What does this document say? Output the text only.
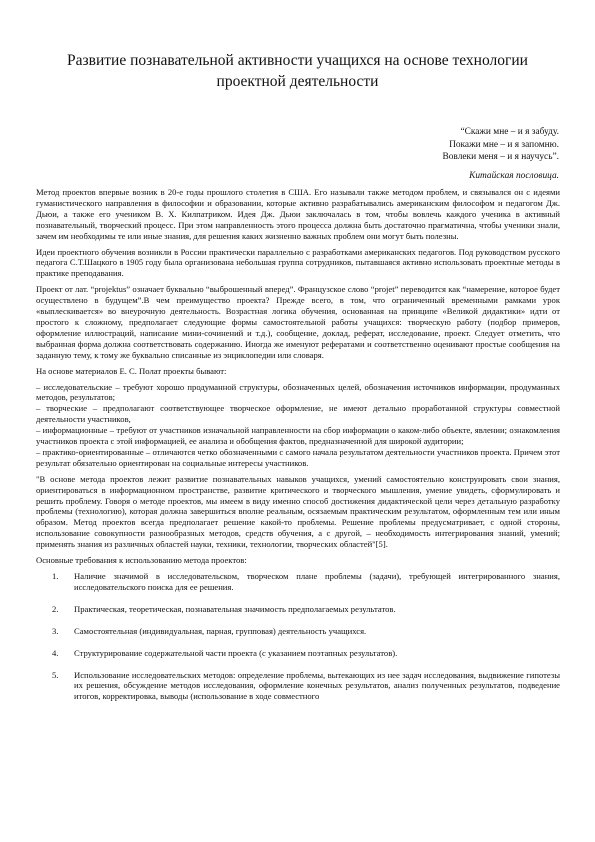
Развитие познавательной активности учащихся на основе технологии проектной деятельности
“Скажи мне – и я забуду.
Покажи мне – и я запомню.
Вовлеки меня – и я научусь”.
Китайская пословица.

Метод проектов впервые возник в 20-е годы прошлого столетия в США. Его называли также методом проблем, и связывался он с идеями гуманистического направления в философии и образовании, которые активно разрабатывались американским философом и педагогом Дж. Дьюи, а также его учеником В. Х. Килпатриком. Идея Дж. Дьюи заключалась в том, чтобы вовлечь каждого ученика в активный познавательный, творческий процесс. При этом направленность этого процесса должна быть достаточно прагматична, чтобы ученики знали, зачем им необходимы те или иные знания, для решения каких жизненно важных проблем они могут быть полезны.

Идеи проектного обучения возникли в России практически параллельно с разработками американских педагогов. Под руководством русского педагога С.Т.Шацкого в 1905 году была организована небольшая группа сотрудников, пытавшаяся активно использовать проектные методы в практике преподавания.

Проект от лат. “projektus” означает буквально “выброшенный вперед”. Французское слово “projet” переводится как “намерение, которое будет осуществлено в будущем”.В чем преимущество проекта? Прежде всего, в том, что ограниченный временными рамками урок «выплескивается» во внеурочную деятельность. Возрастная логика обучения, основанная на принципе «Великой дидактики» идти от простого к сложному, предполагает следующие формы самостоятельной работы учащихся: творческую работу (подбор примеров, оформление иллюстраций, написание мини-сочинений и т.д.), сообщение, доклад, реферат, исследование, проект. Следует отметить, что выбранная форма должна соответствовать содержанию. Иногда же именуют рефератами и соответственно оценивают простые сообщения на заданную тему, к тому же буквально списанные из энциклопедии или словаря.

На основе материалов Е. С. Полат проекты бывают:

– исследовательские – требуют хорошо продуманной структуры, обозначенных целей, обозначения источников информации, продуманных методов, результатов;

– творческие – предполагают соответствующее творческое оформление, не имеют детально проработанной структуры совместной деятельности участников,

– информационные – требуют от участников изначальной направленности на сбор информации о каком-либо объекте, явлении; ознакомления участников проекта с этой информацией, ее анализа и обобщения фактов, предназначенной для широкой аудитории;

– практико-ориентированные – отличаются четко обозначенными с самого начала результатом деятельности участников проекта. Причем этот результат обязательно ориентирован на социальные интересы участников.

"В основе метода проектов лежит развитие познавательных навыков учащихся, умений самостоятельно конструировать свои знания, ориентироваться в информационном пространстве, развитие критического и творческого мышления, умение увидеть, сформулировать и решить проблему. Говоря о методе проектов, мы имеем в виду именно способ достижения дидактической цели через детальную разработку проблемы (технологию), которая должна завершиться вполне реальным, осязаемым практическим результатом, оформленным тем или иным образом. Метод проектов всегда предполагает решение какой-то проблемы. Решение проблемы предусматривает, с одной стороны, использование совокупности разнообразных методов, средств обучения, а с другой, – необходимость интегрирования знаний, умений; применять знания из различных областей науки, техники, технологии, творческих областей"[5].

Основные требования к использованию метода проектов:

1. Наличие значимой в исследовательском, творческом плане проблемы (задачи), требующей интегрированного знания, исследовательского поиска для ее решения.
2. Практическая, теоретическая, познавательная значимость предполагаемых результатов.
3. Самостоятельная (индивидуальная, парная, групповая) деятельность учащихся.
4. Структурирование содержательной части проекта (с указанием поэтапных результатов).
5. Использование исследовательских методов: определение проблемы, вытекающих из нее задач исследования, выдвижение гипотезы их решения, обсуждение методов исследования, оформление конечных результатов, анализ полученных результатов, подведение итогов, корректировка, выводы (использование в ходе совместного
